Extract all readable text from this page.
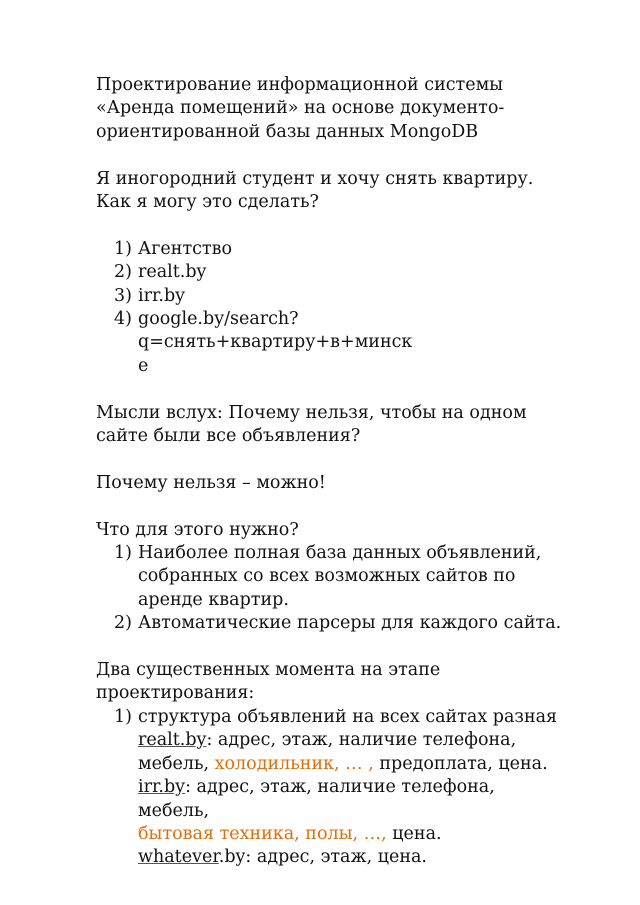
Проектирование информационной системы
«Аренда помещений» на основе документо-
ориентированной базы данных MongoDB

Я иногородний студент и хочу снять квартиру.
Как я могу это сделать?

1) Агентство
2) realt.by
3) irr.by
4) google.by/search?q=снять+квартиру+в+минск
е

Мысли вслух: Почему нельзя, чтобы на одном
сайте были все объявления?

Почему нельзя – можно!

Что для этого нужно?

1) Наиболее полная база данных объявлений,
собранных со всех возможных сайтов по
аренде квартир.
2) Автоматические парсеры для каждого сайта.

Два существенных момента на этапе
проектирования:

1) структура объявлений на всех сайтах разная
realt.by: адрес, этаж, наличие телефона,
мебель, холодильник, … , предоплата, цена.
irr.by: адрес, этаж, наличие телефона, мебель,
бытовая техника, полы, …, цена.
whatever.by: адрес, этаж, цена.
